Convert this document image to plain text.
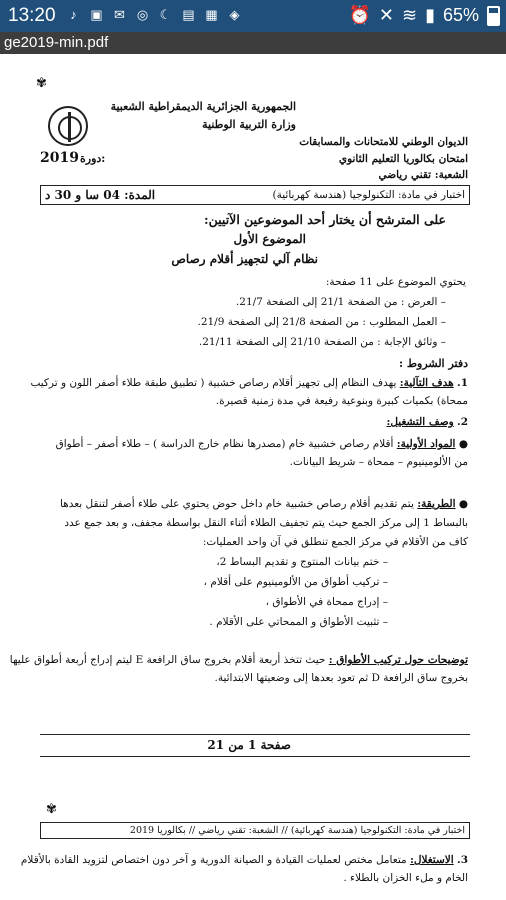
13:20	♪	▣ ✉ ◎ ☾ ▤ ▦ ◈	⏰ ✕ ≋ ▮ 65%
ge2019-min.pdf
✾
الجمهورية الجزائرية الديمقراطية الشعبية
وزارة التربية الوطنية
الديوان الوطني للامتحانات والمسابقات
امتحان بكالوريا التعليم الثانوي
2019 دورة:
الشعبة: تقني رياضي
اختبار في مادة: التكنولوجيا (هندسة كهربائية)
المدة: 04 سا و 30 د
على المترشح أن يختار أحد الموضوعين الآتيين:
الموضوع الأول
نظام آلي لتجهيز أقلام رصاص
يحتوي الموضوع على 11 صفحة:
– العرض : من الصفحة 21/1 إلى الصفحة 21/7.
– العمل المطلوب : من الصفحة 21/8 إلى الصفحة 21/9.
– وثائق الإجابة : من الصفحة 21/10 إلى الصفحة 21/11.
دفتر الشروط :
1. هدف التآلية: يهدف النظام إلى تجهيز أقلام رصاص خشبية ( تطبيق طبقة طلاء أصفر اللون و تركيب
ممحاة) بكميات كبيرة وبنوعية رفيعة في مدة زمنية قصيرة.
2. وصف التشغيل:
● المواد الأولية: أقلام رصاص خشبية خام (مصدرها نظام خارج الدراسة ) – طلاء أصفر – أطواق
من الألومينيوم – ممحاة – شريط البيانات.
● الطريقة: يتم تقديم أقلام رصاص خشبية خام داخل حوض يحتوي على طلاء أصفر لتنقل بعدها
بالبساط 1 إلى مركز الجمع حيث يتم تجفيف الطلاء أثناء النقل بواسطة مجفف، و بعد جمع عدد
كاف من الأقلام في مركز الجمع تنطلق في آن واحد العمليات:
– ختم بيانات المنتوج و تقديم البساط 2،
– تركيب أطواق من الألومينيوم على أقلام ،
– إدراج ممحاة في الأطواق ،
– تثبيت الأطواق و الممحاتي على الأقلام .
توضيحات حول تركيب الأطواق : حيث تتخذ أربعة أقلام بخروج ساق الرافعة E ليتم إدراج أربعة أطواق عليها
بخروج ساق الرافعة D ثم تعود بعدها إلى وضعيتها الابتدائية.
صفحة 1 من 21
✾
اختبار في مادة: التكنولوجيا (هندسة كهربائية) // الشعبة: تقني رياضي // بكالوريا 2019
3. الاستغلال: متعامل مختص لعمليات القيادة و الصيانة الدورية و آخر دون اختصاص لتزويد القادة بالأقلام
الخام و ملء الخزان بالطلاء .
